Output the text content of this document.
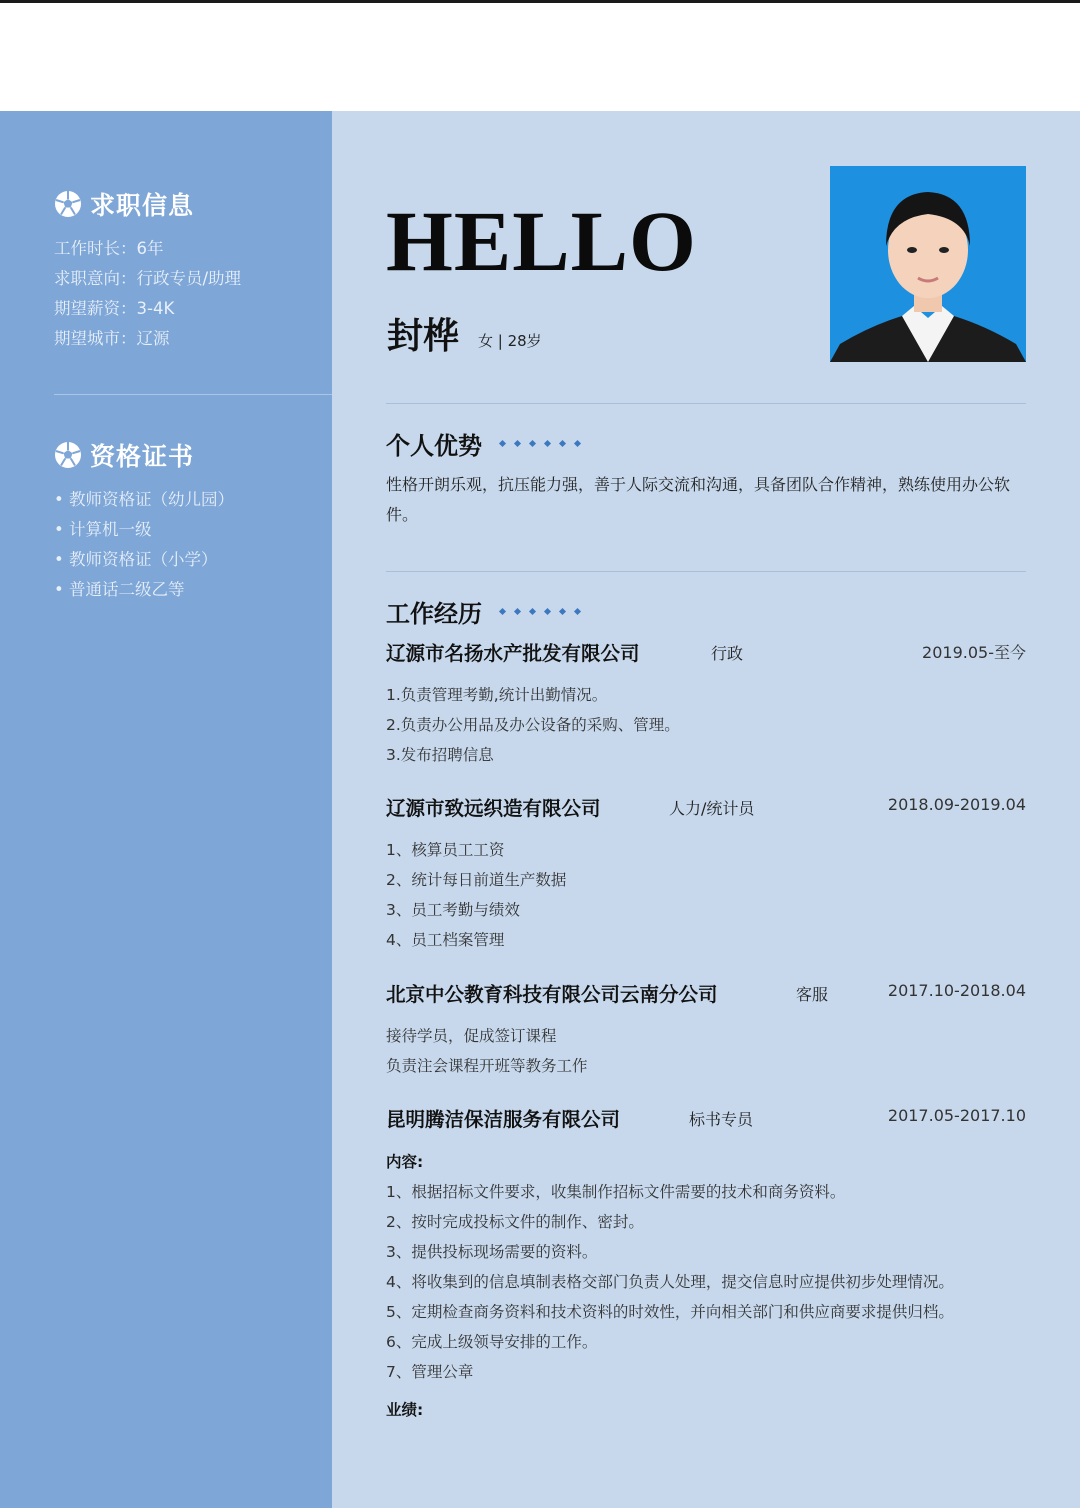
求职信息
工作时长：6年
求职意向：行政专员/助理
期望薪资：3-4K
期望城市：辽源
资格证书
• 教师资格证（幼儿园）
• 计算机一级
• 教师资格证（小学）
• 普通话二级乙等
HELLO
封桦 女 | 28岁
个人优势
性格开朗乐观，抗压能力强，善于人际交流和沟通，具备团队合作精神，熟练使用办公软件。
工作经历
辽源市名扬水产批发有限公司	行政	2019.05-至今
1.负责管理考勤,统计出勤情况。
2.负责办公用品及办公设备的采购、管理。
3.发布招聘信息
辽源市致远织造有限公司	人力/统计员	2018.09-2019.04
1、核算员工工资
2、统计每日前道生产数据
3、员工考勤与绩效
4、员工档案管理
北京中公教育科技有限公司云南分公司	客服	2017.10-2018.04
接待学员，促成签订课程
负责注会课程开班等教务工作
昆明腾洁保洁服务有限公司	标书专员	2017.05-2017.10
内容:
1、根据招标文件要求，收集制作招标文件需要的技术和商务资料。
2、按时完成投标文件的制作、密封。
3、提供投标现场需要的资料。
4、将收集到的信息填制表格交部门负责人处理，提交信息时应提供初步处理情况。
5、定期检查商务资料和技术资料的时效性，并向相关部门和供应商要求提供归档。
6、完成上级领导安排的工作。
7、管理公章
业绩:
